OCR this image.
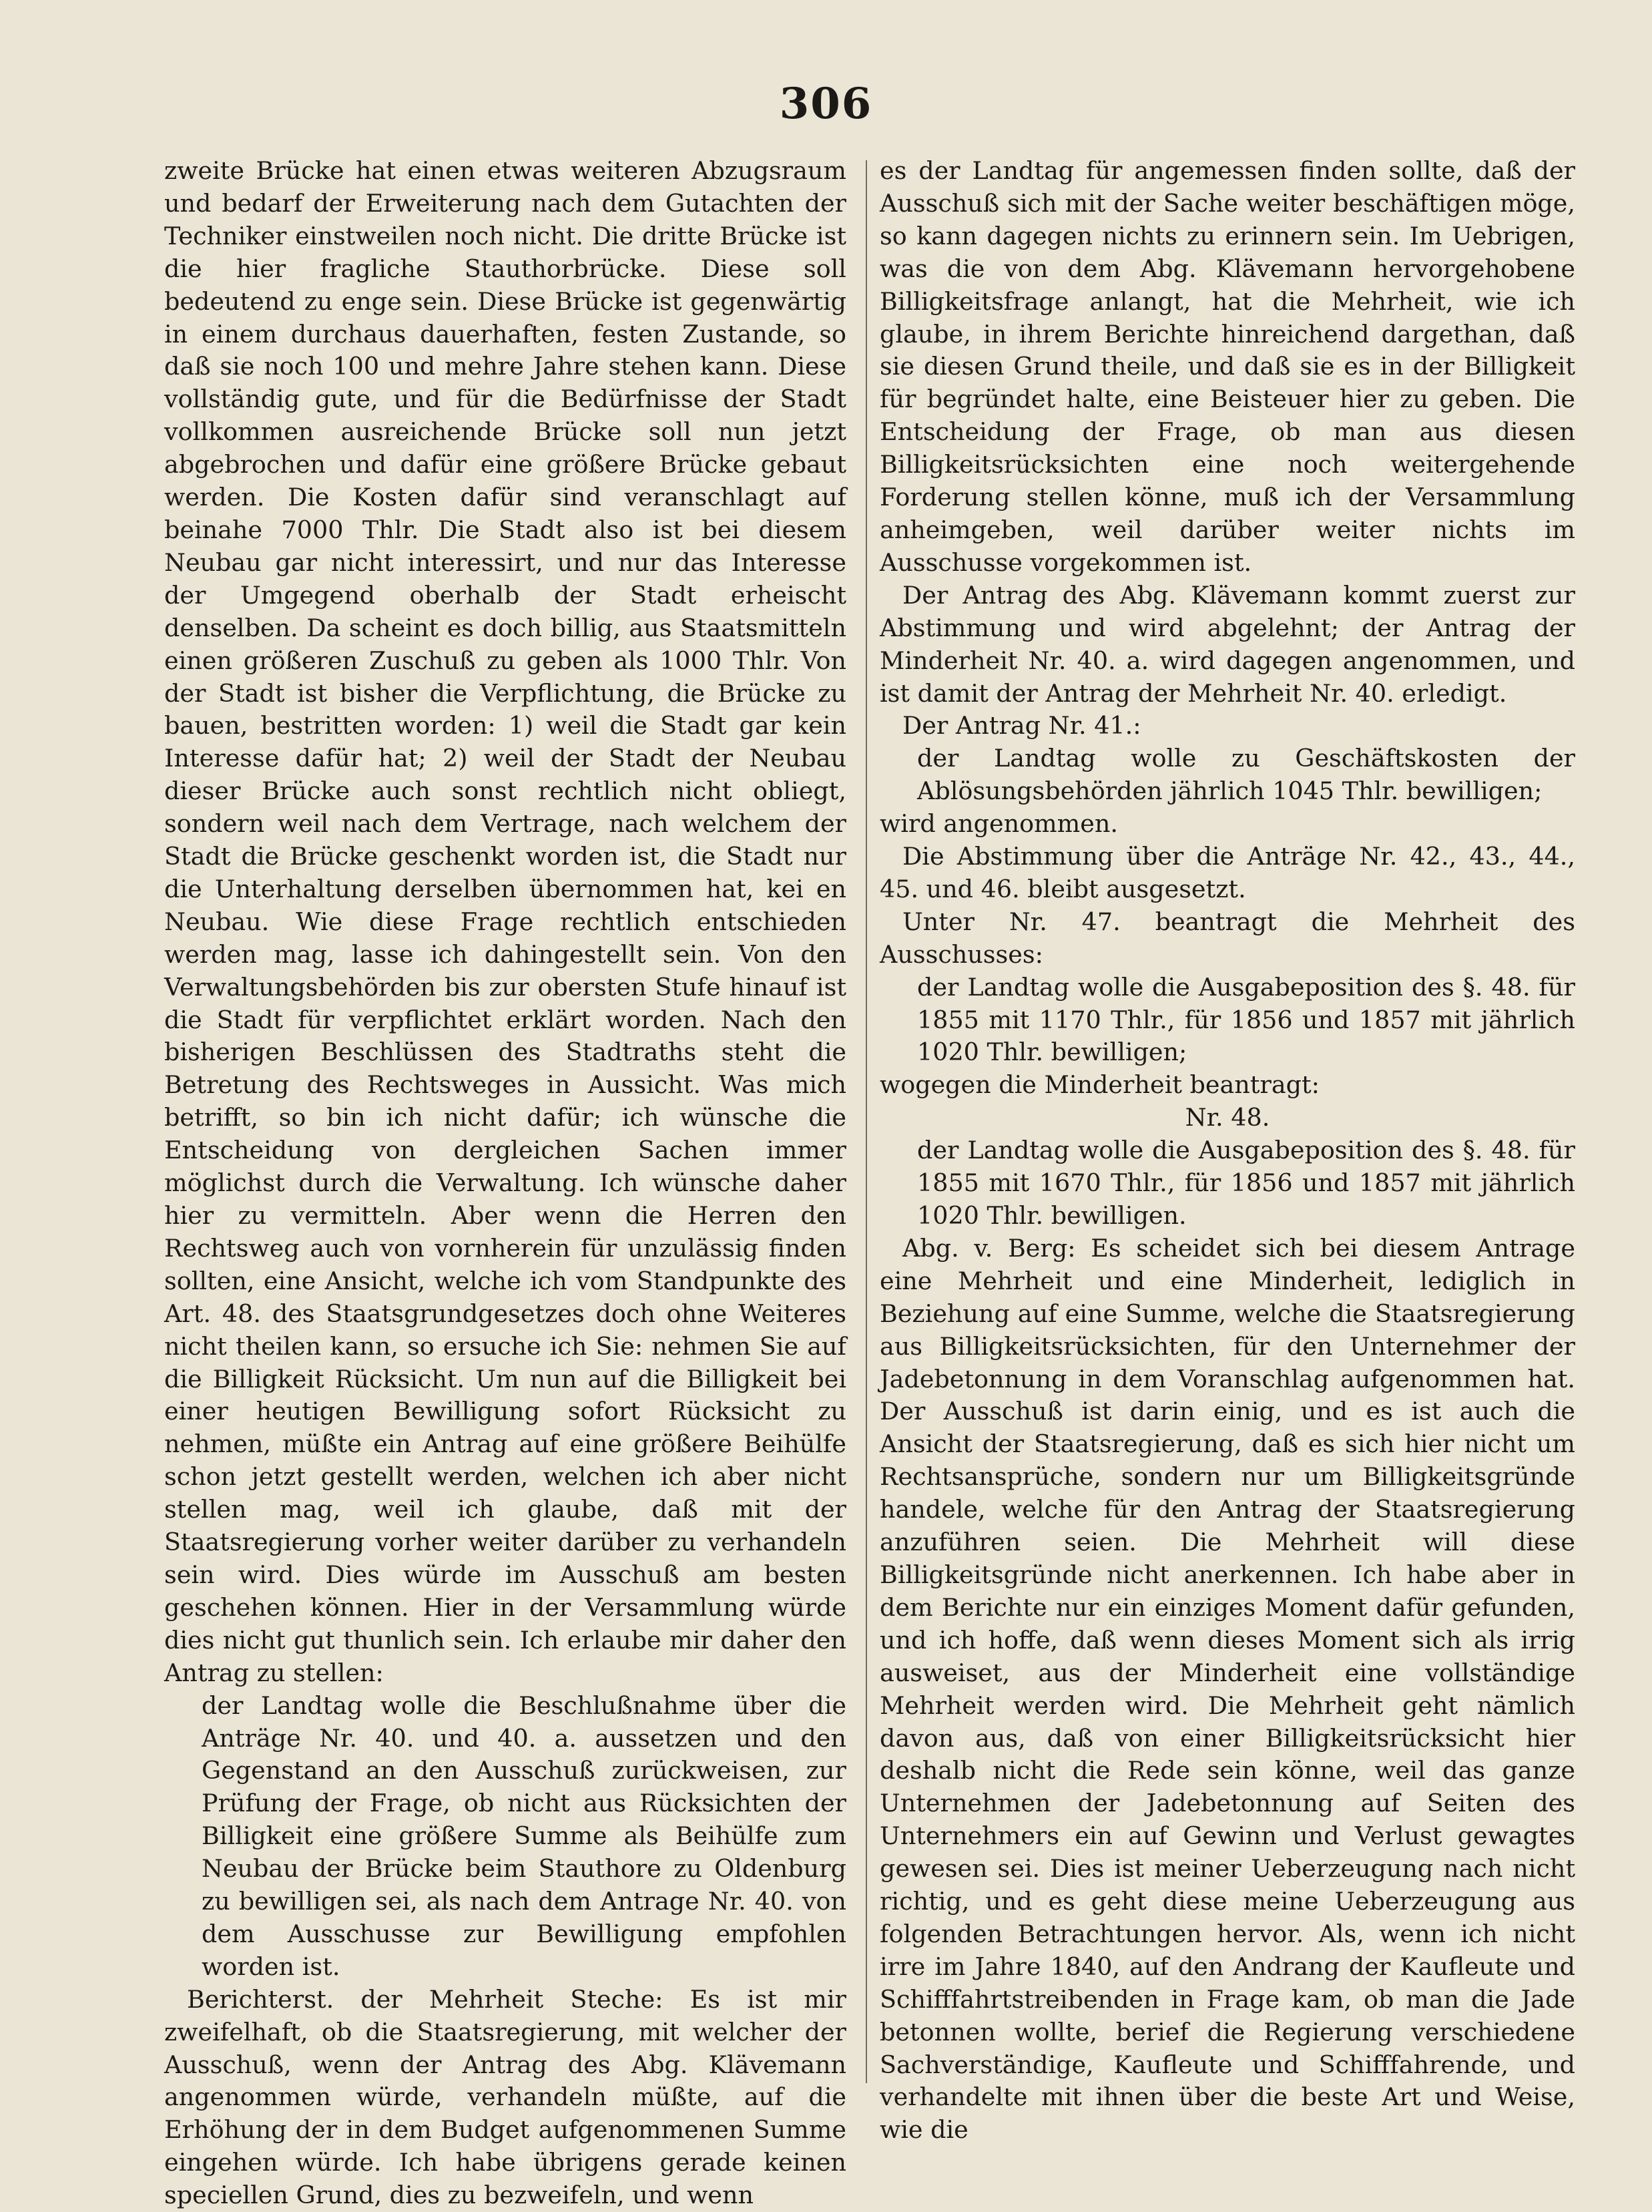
306

zweite Brücke hat einen etwas weiteren Abzugsraum und bedarf der Erweiterung nach dem Gutachten der Techniker einstweilen noch nicht. Die dritte Brücke ist die hier fragliche Stauthorbrücke. Diese soll bedeutend zu enge sein. Diese Brücke ist gegenwärtig in einem durchaus dauerhaften, festen Zustande, so daß sie noch 100 und mehre Jahre stehen kann. Diese vollständig gute, und für die Bedürfnisse der Stadt vollkommen ausreichende Brücke soll nun jetzt abgebrochen und dafür eine größere Brücke gebaut werden. Die Kosten dafür sind veranschlagt auf beinahe 7000 Thlr. Die Stadt also ist bei diesem Neubau gar nicht interessirt, und nur das Interesse der Umgegend oberhalb der Stadt erheischt denselben. Da scheint es doch billig, aus Staatsmitteln einen größeren Zuschuß zu geben als 1000 Thlr. Von der Stadt ist bisher die Verpflichtung, die Brücke zu bauen, bestritten worden: 1) weil die Stadt gar kein Interesse dafür hat; 2) weil der Stadt der Neubau dieser Brücke auch sonst rechtlich nicht obliegt, sondern weil nach dem Vertrage, nach welchem der Stadt die Brücke geschenkt worden ist, die Stadt nur die Unterhaltung derselben übernommen hat, kei en Neubau. Wie diese Frage rechtlich entschieden werden mag, lasse ich dahingestellt sein. Von den Verwaltungsbehörden bis zur obersten Stufe hinauf ist die Stadt für verpflichtet erklärt worden. Nach den bisherigen Beschlüssen des Stadtraths steht die Betretung des Rechtsweges in Aussicht. Was mich betrifft, so bin ich nicht dafür; ich wünsche die Entscheidung von dergleichen Sachen immer möglichst durch die Verwaltung. Ich wünsche daher hier zu vermitteln. Aber wenn die Herren den Rechtsweg auch von vornherein für unzulässig finden sollten, eine Ansicht, welche ich vom Standpunkte des Art. 48. des Staatsgrundgesetzes doch ohne Weiteres nicht theilen kann, so ersuche ich Sie: nehmen Sie auf die Billigkeit Rücksicht. Um nun auf die Billigkeit bei einer heutigen Bewilligung sofort Rücksicht zu nehmen, müßte ein Antrag auf eine größere Beihülfe schon jetzt gestellt werden, welchen ich aber nicht stellen mag, weil ich glaube, daß mit der Staatsregierung vorher weiter darüber zu verhandeln sein wird. Dies würde im Ausschuß am besten geschehen können. Hier in der Versammlung würde dies nicht gut thunlich sein. Ich erlaube mir daher den Antrag zu stellen:

der Landtag wolle die Beschlußnahme über die Anträge Nr. 40. und 40. a. aussetzen und den Gegenstand an den Ausschuß zurückweisen, zur Prüfung der Frage, ob nicht aus Rücksichten der Billigkeit eine größere Summe als Beihülfe zum Neubau der Brücke beim Stauthore zu Oldenburg zu bewilligen sei, als nach dem Antrage Nr. 40. von dem Ausschusse zur Bewilligung empfohlen worden ist.

Berichterst. der Mehrheit Steche: Es ist mir zweifelhaft, ob die Staatsregierung, mit welcher der Ausschuß, wenn der Antrag des Abg. Klävemann angenommen würde, verhandeln müßte, auf die Erhöhung der in dem Budget aufgenommenen Summe eingehen würde. Ich habe übrigens gerade keinen speciellen Grund, dies zu bezweifeln, und wenn

es der Landtag für angemessen finden sollte, daß der Ausschuß sich mit der Sache weiter beschäftigen möge, so kann dagegen nichts zu erinnern sein. Im Uebrigen, was die von dem Abg. Klävemann hervorgehobene Billigkeitsfrage anlangt, hat die Mehrheit, wie ich glaube, in ihrem Berichte hinreichend dargethan, daß sie diesen Grund theile, und daß sie es in der Billigkeit für begründet halte, eine Beisteuer hier zu geben. Die Entscheidung der Frage, ob man aus diesen Billigkeitsrücksichten eine noch weitergehende Forderung stellen könne, muß ich der Versammlung anheimgeben, weil darüber weiter nichts im Ausschusse vorgekommen ist.

Der Antrag des Abg. Klävemann kommt zuerst zur Abstimmung und wird abgelehnt; der Antrag der Minderheit Nr. 40. a. wird dagegen angenommen, und ist damit der Antrag der Mehrheit Nr. 40. erledigt.

Der Antrag Nr. 41.:

der Landtag wolle zu Geschäftskosten der Ablösungsbehörden jährlich 1045 Thlr. bewilligen;

wird angenommen.

Die Abstimmung über die Anträge Nr. 42., 43., 44., 45. und 46. bleibt ausgesetzt.

Unter Nr. 47. beantragt die Mehrheit des Ausschusses:

der Landtag wolle die Ausgabeposition des §. 48. für 1855 mit 1170 Thlr., für 1856 und 1857 mit jährlich 1020 Thlr. bewilligen;

wogegen die Minderheit beantragt:

Nr. 48.

der Landtag wolle die Ausgabeposition des §. 48. für 1855 mit 1670 Thlr., für 1856 und 1857 mit jährlich 1020 Thlr. bewilligen.

Abg. v. Berg: Es scheidet sich bei diesem Antrage eine Mehrheit und eine Minderheit, lediglich in Beziehung auf eine Summe, welche die Staatsregierung aus Billigkeitsrücksichten, für den Unternehmer der Jadebetonnung in dem Voranschlag aufgenommen hat. Der Ausschuß ist darin einig, und es ist auch die Ansicht der Staatsregierung, daß es sich hier nicht um Rechtsansprüche, sondern nur um Billigkeitsgründe handele, welche für den Antrag der Staatsregierung anzuführen seien. Die Mehrheit will diese Billigkeitsgründe nicht anerkennen. Ich habe aber in dem Berichte nur ein einziges Moment dafür gefunden, und ich hoffe, daß wenn dieses Moment sich als irrig ausweiset, aus der Minderheit eine vollständige Mehrheit werden wird. Die Mehrheit geht nämlich davon aus, daß von einer Billigkeitsrücksicht hier deshalb nicht die Rede sein könne, weil das ganze Unternehmen der Jadebetonnung auf Seiten des Unternehmers ein auf Gewinn und Verlust gewagtes gewesen sei. Dies ist meiner Ueberzeugung nach nicht richtig, und es geht diese meine Ueberzeugung aus folgenden Betrachtungen hervor. Als, wenn ich nicht irre im Jahre 1840, auf den Andrang der Kaufleute und Schifffahrtstreibenden in Frage kam, ob man die Jade betonnen wollte, berief die Regierung verschiedene Sachverständige, Kaufleute und Schifffahrende, und verhandelte mit ihnen über die beste Art und Weise, wie die
